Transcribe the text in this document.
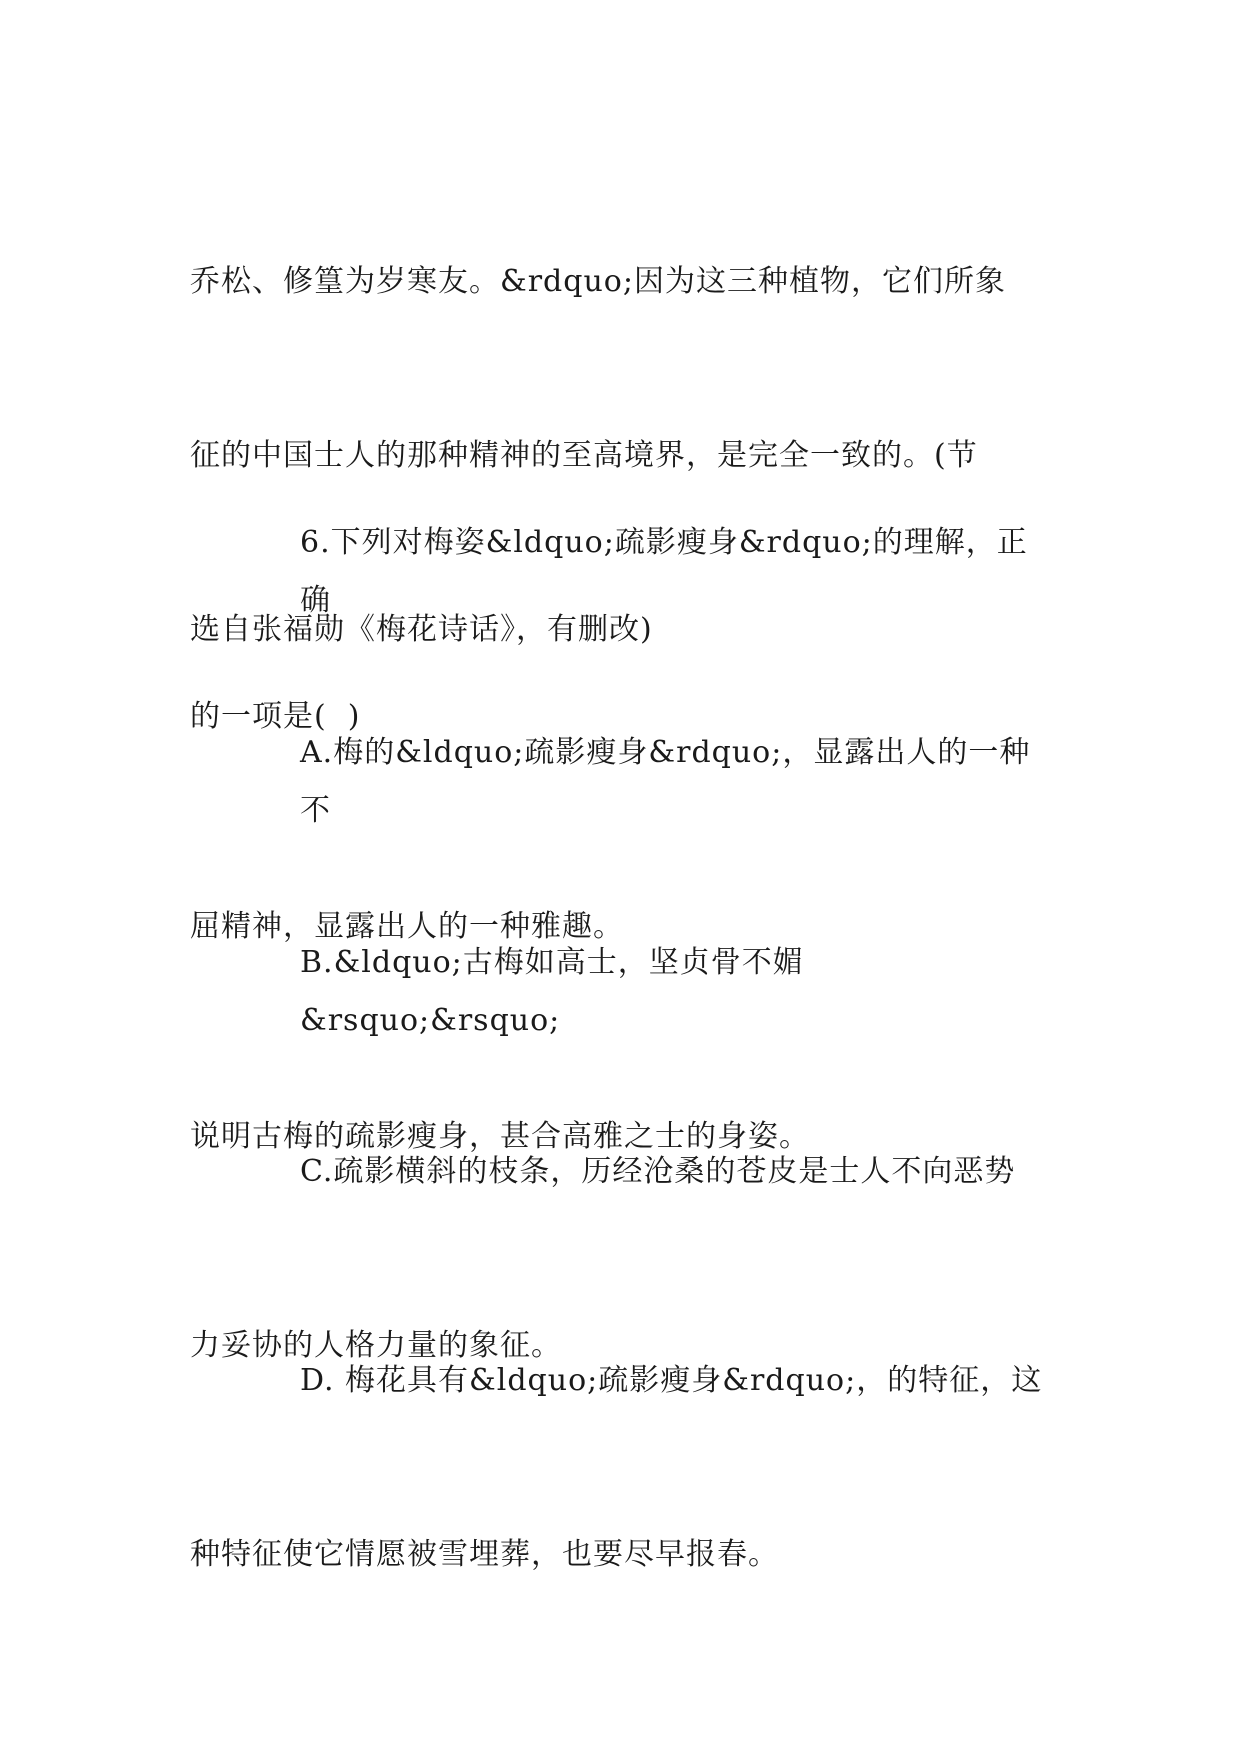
乔松、修篁为岁寒友。&rdquo;因为这三种植物，它们所象

征的中国士人的那种精神的至高境界，是完全一致的。(节

选自张福勋《梅花诗话》，有删改)

6.下列对梅姿&ldquo;疏影瘦身&rdquo;的理解，正确

的一项是(  )

A.梅的&ldquo;疏影瘦身&rdquo;，显露出人的一种不

屈精神，显露出人的一种雅趣。

B.&ldquo;古梅如高士，坚贞骨不媚&rsquo;&rsquo;

说明古梅的疏影瘦身，甚合高雅之士的身姿。

C.疏影横斜的枝条，历经沧桑的苍皮是士人不向恶势

力妥协的人格力量的象征。

D. 梅花具有&ldquo;疏影瘦身&rdquo;，的特征，这

种特征使它情愿被雪埋葬，也要尽早报春。
